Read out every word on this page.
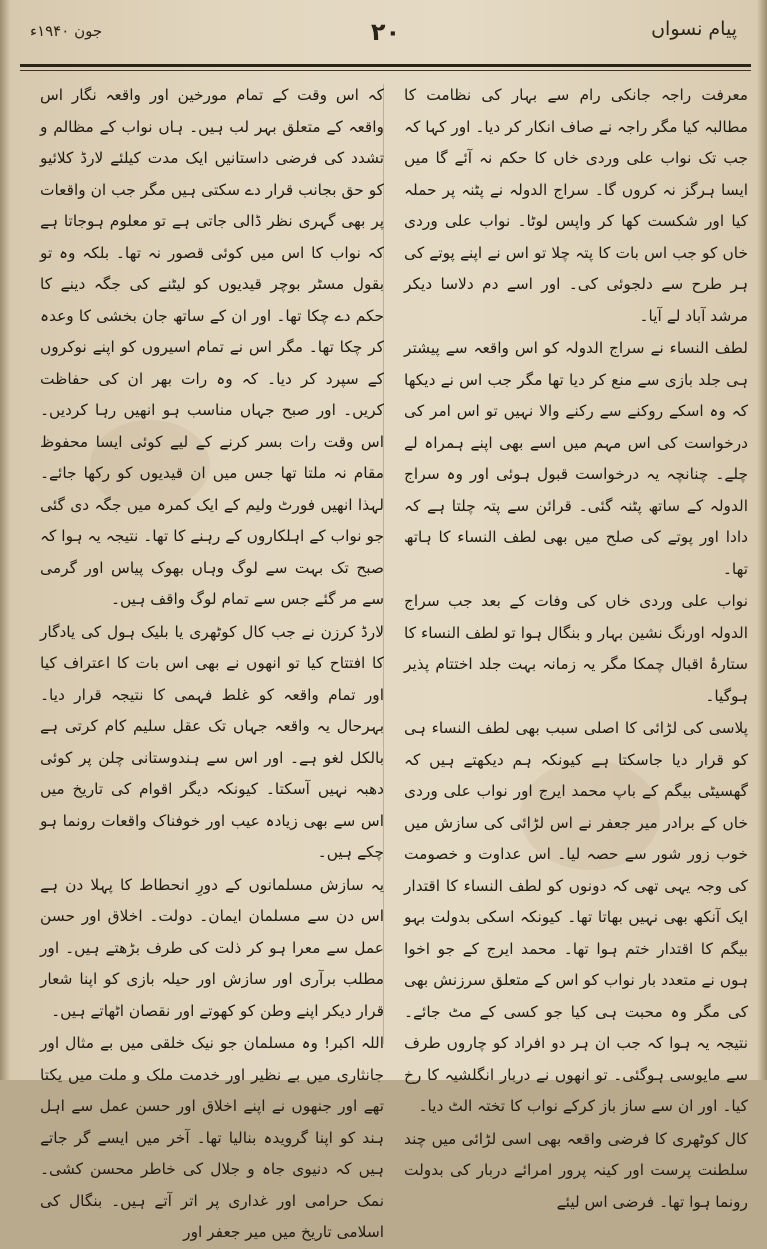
پیام نسواں
۲۰
جون ۱۹۴۰ء

معرفت راجہ جانکی رام سے بہار کی نظامت کا مطالبہ کیا مگر راجہ نے صاف انکار کر دیا۔ اور کہا کہ جب تک نواب علی وردی خاں کا حکم نہ آئے گا میں ایسا ہرگز نہ کروں گا۔ سراج الدولہ نے پٹنہ پر حملہ کیا اور شکست کھا کر واپس لوٹا۔ نواب علی وردی خاں کو جب اس بات کا پتہ چلا تو اس نے اپنے پوتے کی ہر طرح سے دلجوئی کی۔ اور اسے دم دلاسا دیکر مرشد آباد لے آیا۔

لطف النساء نے سراج الدولہ کو اس واقعہ سے پیشتر ہی جلد بازی سے منع کر دیا تھا مگر جب اس نے دیکھا کہ وہ اسکے روکنے سے رکنے والا نہیں تو اس امر کی درخواست کی اس مہم میں اسے بھی اپنے ہمراہ لے چلے۔ چنانچہ یہ درخواست قبول ہوئی اور وہ سراج الدولہ کے ساتھ پٹنہ گئی۔ قرائن سے پتہ چلتا ہے کہ دادا اور پوتے کی صلح میں بھی لطف النساء کا ہاتھ تھا۔

نواب علی وردی خاں کی وفات کے بعد جب سراج الدولہ اورنگ نشین بہار و بنگال ہوا تو لطف النساء کا ستارۂ اقبال چمکا مگر یہ زمانہ بہت جلد اختتام پذیر ہوگیا۔

پلاسی کی لڑائی کا اصلی سبب بھی لطف النساء ہی کو قرار دیا جاسکتا ہے کیونکہ ہم دیکھتے ہیں کہ گھسیٹی بیگم کے باپ محمد ایرج اور نواب علی وردی خاں کے برادر میر جعفر نے اس لڑائی کی سازش میں خوب زور شور سے حصہ لیا۔ اس عداوت و خصومت کی وجہ یہی تھی کہ دونوں کو لطف النساء کا اقتدار ایک آنکھ بھی نہیں بھاتا تھا۔ کیونکہ اسکی بدولت بہو بیگم کا اقتدار ختم ہوا تھا۔ محمد ایرج کے جو اخوا ہوں نے متعدد بار نواب کو اس کے متعلق سرزنش بھی کی مگر وہ محبت ہی کیا جو کسی کے مٹ جائے۔ نتیجہ یہ ہوا کہ جب ان ہر دو افراد کو چاروں طرف سے مایوسی ہوگئی۔ تو انھوں نے دربار انگلشیہ کا رخ کیا۔ اور ان سے ساز باز کرکے نواب کا تختہ الٹ دیا۔

کال کوٹھری کا فرضی واقعہ بھی اسی لڑائی میں چند سلطنت پرست اور کینہ پرور امرائے دربار کی بدولت رونما ہوا تھا۔ فرضی اس لیئے

کہ اس وقت کے تمام مورخین اور واقعہ نگار اس واقعہ کے متعلق بہر لب ہیں۔ ہاں نواب کے مظالم و تشدد کی فرضی داستانیں ایک مدت کیلئے لارڈ کلائیو کو حق بجانب قرار دے سکتی ہیں مگر جب ان واقعات پر بھی گہری نظر ڈالی جاتی ہے تو معلوم ہوجاتا ہے کہ نواب کا اس میں کوئی قصور نہ تھا۔ بلکہ وہ تو بقول مسٹر بوچر قیدیوں کو لیٹنے کی جگہ دینے کا حکم دے چکا تھا۔ اور ان کے ساتھ جان بخشی کا وعدہ کر چکا تھا۔ مگر اس نے تمام اسیروں کو اپنے نوکروں کے سپرد کر دیا۔ کہ وہ رات بھر ان کی حفاظت کریں۔ اور صبح جہاں مناسب ہو انھیں رہا کردیں۔ اس وقت رات بسر کرنے کے لیے کوئی ایسا محفوظ مقام نہ ملتا تھا جس میں ان قیدیوں کو رکھا جائے۔ لہذا انھیں فورٹ ولیم کے ایک کمرہ میں جگہ دی گئی جو نواب کے اہلکاروں کے رہنے کا تھا۔ نتیجہ یہ ہوا کہ صبح تک بہت سے لوگ وہاں بھوک پیاس اور گرمی سے مر گئے جس سے تمام لوگ واقف ہیں۔

لارڈ کرزن نے جب کال کوٹھری یا بلیک ہول کی یادگار کا افتتاح کیا تو انھوں نے بھی اس بات کا اعتراف کیا اور تمام واقعہ کو غلط فہمی کا نتیجہ قرار دیا۔ بہرحال یہ واقعہ جہاں تک عقل سلیم کام کرتی ہے بالکل لغو ہے۔ اور اس سے ہندوستانی چلن پر کوئی دھبہ نہیں آسکتا۔ کیونکہ دیگر اقوام کی تاریخ میں اس سے بھی زیادہ عیب اور خوفناک واقعات رونما ہو چکے ہیں۔

یہ سازش مسلمانوں کے دورِ انحطاط کا پہلا دن ہے اس دن سے مسلمان ایمان۔ دولت۔ اخلاق اور حسن عمل سے معرا ہو کر ذلت کی طرف بڑھتے ہیں۔ اور مطلب برآری اور سازش اور حیلہ بازی کو اپنا شعار قرار دیکر اپنے وطن کو کھوتے اور نقصان اٹھاتے ہیں۔

اللہ اکبر! وہ مسلمان جو نیک خلقی میں بے مثال اور جانثاری میں بے نظیر اور خدمت ملک و ملت میں یکتا تھے اور جنھوں نے اپنے اخلاق اور حسن عمل سے اہل ہند کو اپنا گرویدہ بنالیا تھا۔ آخر میں ایسے گر جاتے ہیں کہ دنیوی جاہ و جلال کی خاطر محسن کشی۔ نمک حرامی اور غداری پر اتر آتے ہیں۔ بنگال کی اسلامی تاریخ میں میر جعفر اور
